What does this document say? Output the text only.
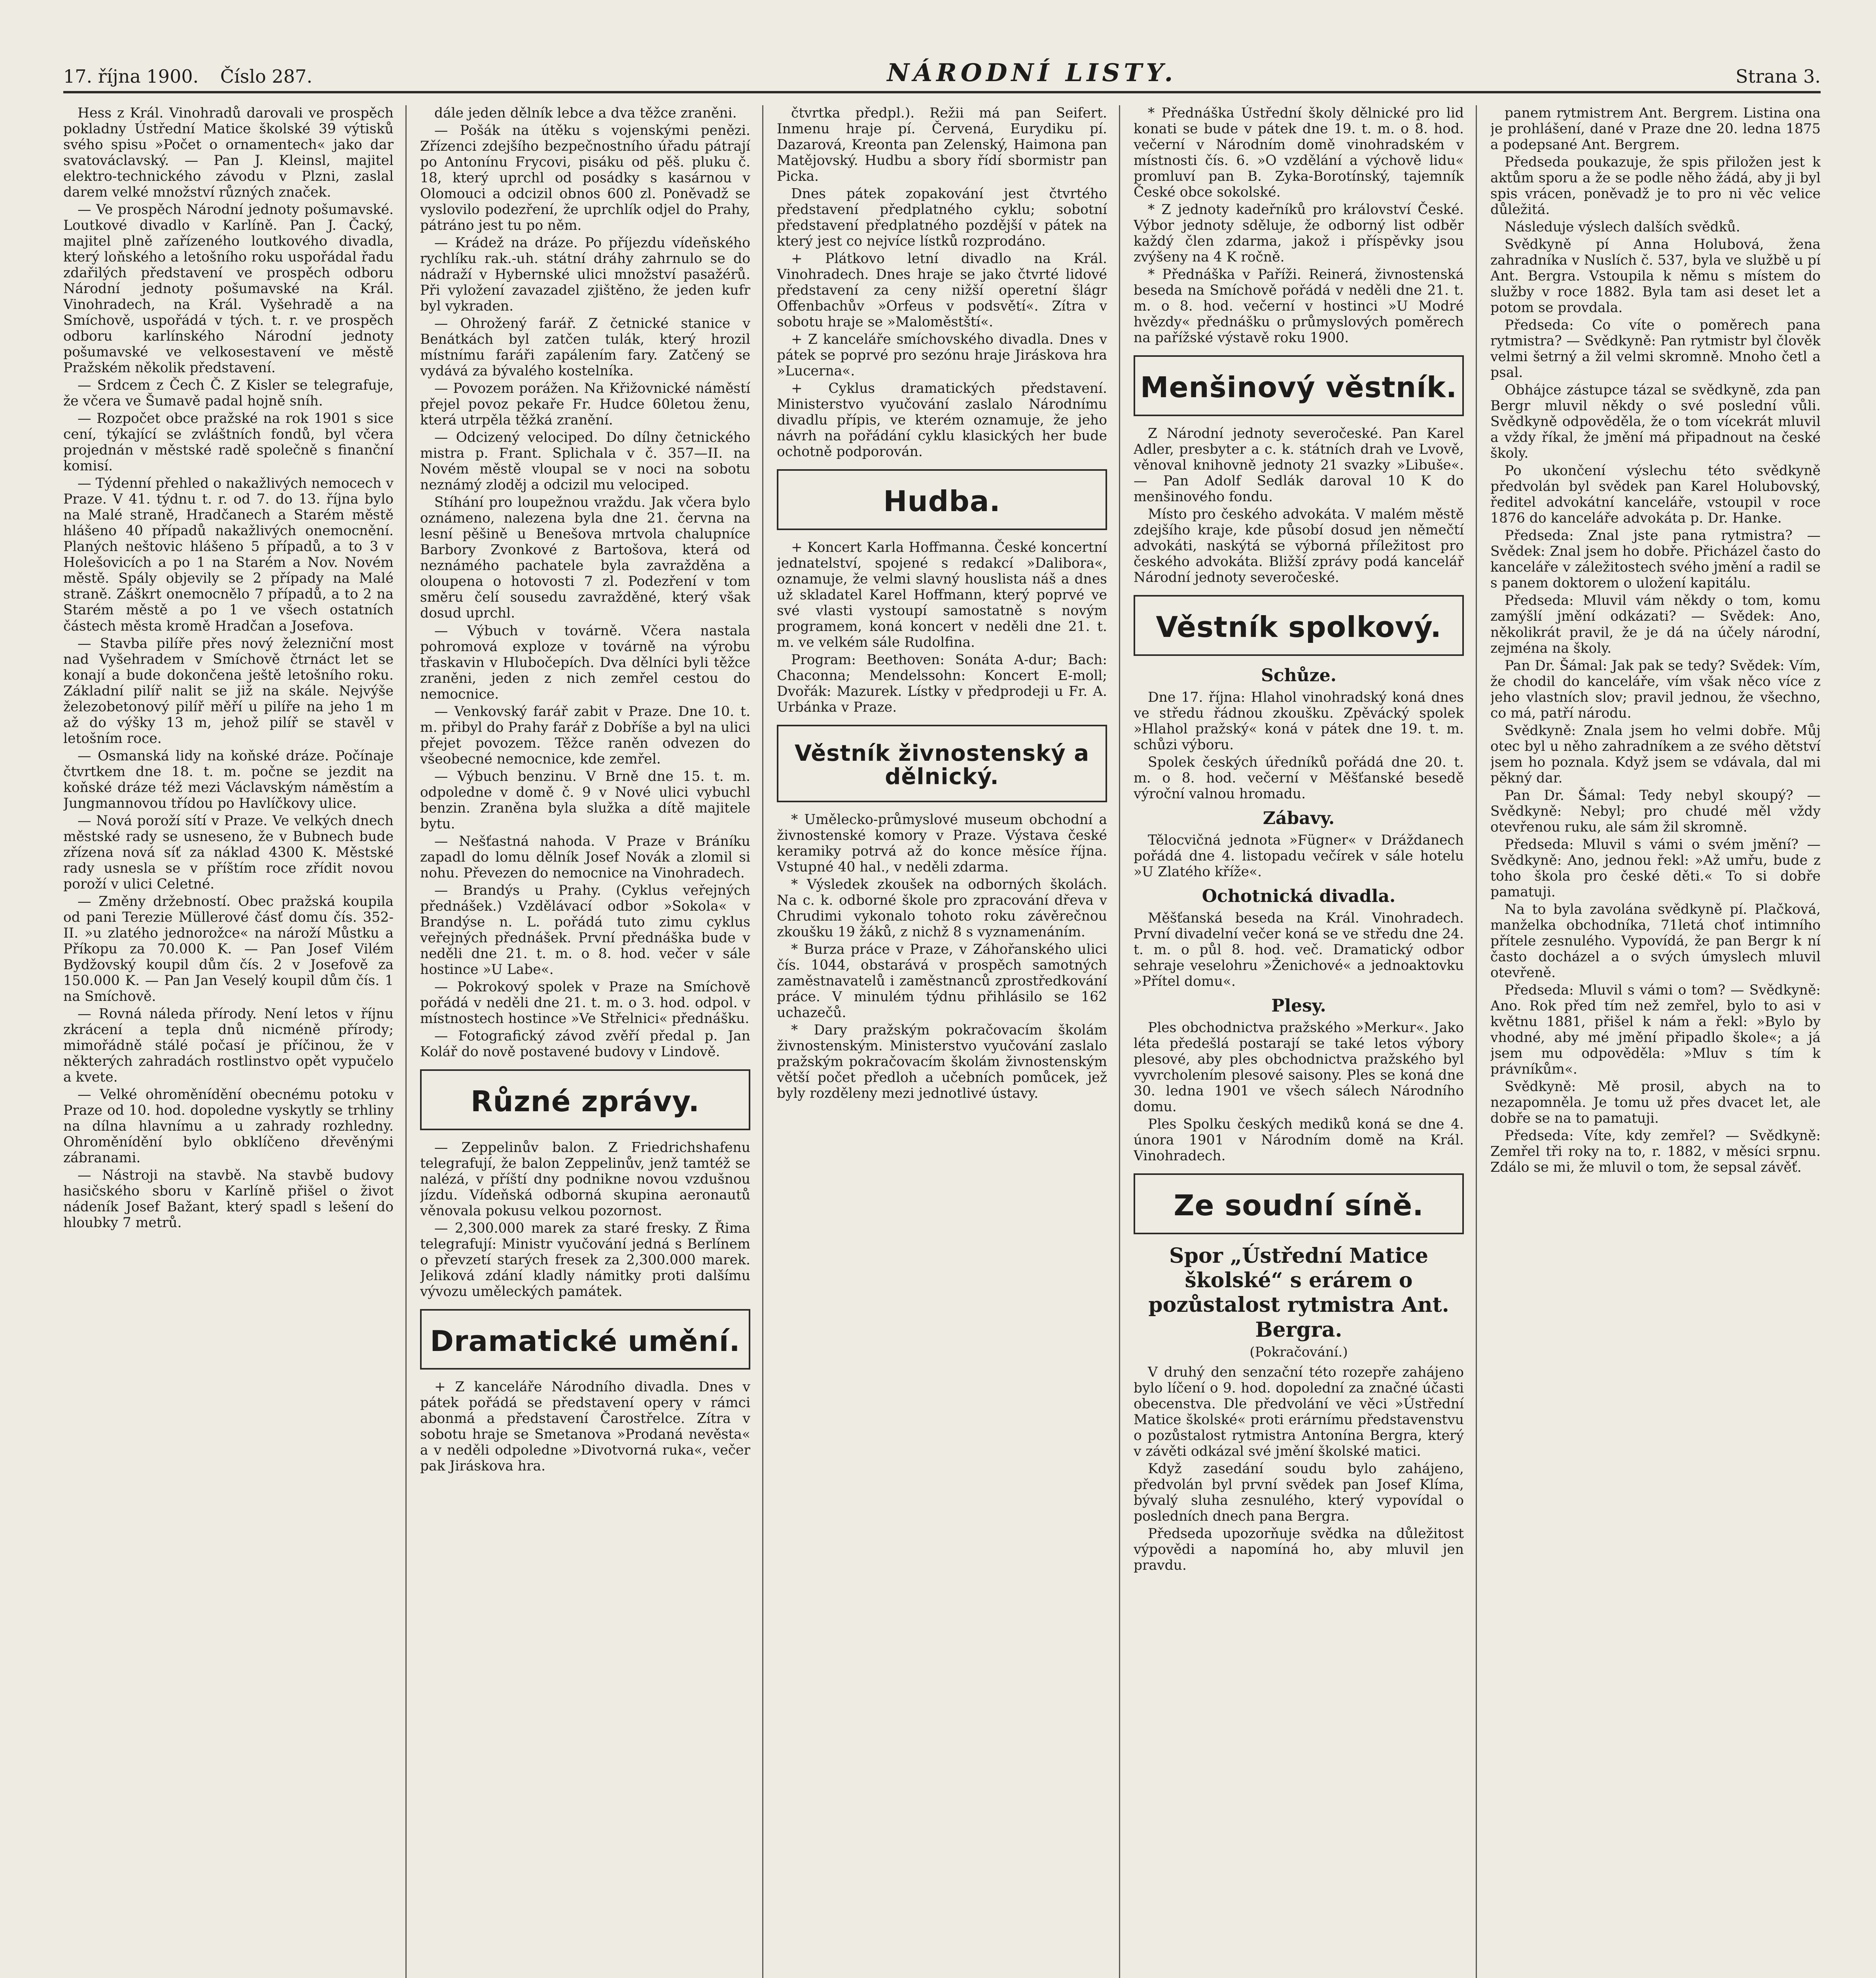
17. října 1900. Číslo 287.	NÁRODNÍ LISTY.	Strana 3.

Hess z Král. Vinohradů darovali ve prospěch pokladny Ústřední Matice školské 39 výtisků svého spisu »Počet o ornamentech« jako dar svatováclavský. — Pan J. Kleinsl, majitel elektro-technického závodu v Plzni, zaslal darem velké množství různých značek.

— Ve prospěch Národní jednoty pošumavské. Loutkové divadlo v Karlíně. Pan J. Čacký, majitel plně zařízeného loutkového divadla, který loňského a letošního roku uspořádal řadu zdařilých představení ve prospěch odboru Národní jednoty pošumavské na Král. Vinohradech, na Král. Vyšehradě a na Smíchově, uspořádá v tých. t. r. ve prospěch odboru karlínského Národní jednoty pošumavské ve velkosestavení ve městě Pražském několik představení.

— Srdcem z Čech Č. Z Kisler se telegrafuje, že včera ve Šumavě padal hojně sníh.

— Rozpočet obce pražské na rok 1901 s sice cení, týkající se zvláštních fondů, byl včera projednán v městské radě společně s finanční komisí.

— Týdenní přehled o nakažlivých nemocech v Praze. V 41. týdnu t. r. od 7. do 13. října bylo na Malé straně, Hradčanech a Starém městě hlášeno 40 případů nakažlivých onemocnění. Planých neštovic hlášeno 5 případů, a to 3 v Holešovicích a po 1 na Starém a Nov. Novém městě. Spály objevily se 2 případy na Malé straně. Záškrt onemocnělo 7 případů, a to 2 na Starém městě a po 1 ve všech ostatních částech města kromě Hradčan a Josefova.

— Stavba pilíře přes nový železniční most nad Vyšehradem v Smíchově čtrnáct let se konají a bude dokončena ještě letošního roku. Základní pilíř nalit se již na skále. Nejvýše železobetonový pilíř měří u pilíře na jeho 1 m až do výšky 13 m, jehož pilíř se stavěl v letošním roce.

— Osmanská lidy na koňské dráze. Počínaje čtvrtkem dne 18. t. m. počne se jezdit na koňské dráze též mezi Václavským náměstím a Jungmannovou třídou po Havlíčkovy ulice.

— Nová poroží sítí v Praze. Ve velkých dnech městské rady se usneseno, že v Bubnech bude zřízena nová síť za náklad 4300 K. Městské rady usnesla se v příštím roce zřídit novou poroží v ulici Celetné.

— Změny držebností. Obec pražská koupila od pani Terezie Müllerové čásť domu čís. 352-II. »u zlatého jednorožce« na nároží Můstku a Příkopu za 70.000 K. — Pan Josef Vilém Bydžovský koupil dům čís. 2 v Josefově za 150.000 K. — Pan Jan Veselý koupil dům čís. 1 na Smíchově.

— Rovná náleda přírody. Není letos v říjnu zkrácení a tepla dnů nicméně přírody; mimořádně stálé počasí je příčinou, že v některých zahradách rostlinstvo opět vypučelo a kvete.

— Velké ohroměnídění obecnému potoku v Praze od 10. hod. dopoledne vyskytly se trhliny na dílna hlavnímu a u zahrady rozhledny. Ohroměnídění bylo obklíčeno dřevěnými zábranami.

— Nástroji na stavbě. Na stavbě budovy hasičského sboru v Karlíně přišel o život nádeník Josef Bažant, který spadl s lešení do hloubky 7 metrů.

dále jeden dělník lebce a dva těžce zraněni.

— Pošák na útěku s vojenskými penězi. Zřízenci zdejšího bezpečnostního úřadu pátrají po Antonínu Frycovi, pisáku od pěš. pluku č. 18, který uprchl od posádky s kasárnou v Olomouci a odcizil obnos 600 zl. Poněvadž se vyslovilo podezření, že uprchlík odjel do Prahy, pátráno jest tu po něm.

— Krádež na dráze. Po příjezdu vídeňského rychlíku rak.-uh. státní dráhy zahrnulo se do nádraží v Hybernské ulici množství pasažérů. Při vyložení zavazadel zjištěno, že jeden kufr byl vykraden.

— Ohrožený farář. Z četnické stanice v Benátkách byl zatčen tulák, který hrozil místnímu faráři zapálením fary. Zatčený se vydává za bývalého kostelníka.

— Povozem porážen. Na Křižovnické náměstí přejel povoz pekaře Fr. Hudce 60letou ženu, která utrpěla těžká zranění.

— Odcizený velociped. Do dílny četnického mistra p. Frant. Splichala v č. 357—II. na Novém městě vloupal se v noci na sobotu neznámý zloděj a odcizil mu velociped.

Stíhání pro loupežnou vraždu. Jak včera bylo oznámeno, nalezena byla dne 21. června na lesní pěšině u Benešova mrtvola chalupníce Barbory Zvonkové z Bartošova, která od neznámého pachatele byla zavražděna a oloupena o hotovosti 7 zl. Podezření v tom směru čelí sousedu zavražděné, který však dosud uprchl.

— Výbuch v továrně. Včera nastala pohromová exploze v továrně na výrobu třaskavin v Hlubočepích. Dva dělníci byli těžce zraněni, jeden z nich zemřel cestou do nemocnice.

— Venkovský farář zabit v Praze. Dne 10. t. m. přibyl do Prahy farář z Dobříše a byl na ulici přejet povozem. Těžce raněn odvezen do všeobecné nemocnice, kde zemřel.

— Výbuch benzinu. V Brně dne 15. t. m. odpoledne v domě č. 9 v Nové ulici vybuchl benzin. Zraněna byla služka a dítě majitele bytu.

— Nešťastná nahoda. V Praze v Bráníku zapadl do lomu dělník Josef Novák a zlomil si nohu. Převezen do nemocnice na Vinohradech.

— Brandýs u Prahy. (Cyklus veřejných přednášek.) Vzdělávací odbor »Sokola« v Brandýse n. L. pořádá tuto zimu cyklus veřejných přednášek. První přednáška bude v neděli dne 21. t. m. o 8. hod. večer v sále hostince »U Labe«.

— Pokrokový spolek v Praze na Smíchově pořádá v neděli dne 21. t. m. o 3. hod. odpol. v místnostech hostince »Ve Střelnici« přednášku.

— Fotografický závod zvěří předal p. Jan Kolář do nově postavené budovy v Lindově.

Různé zprávy.

— Zeppelinův balon. Z Friedrichshafenu telegrafují, že balon Zeppelinův, jenž tamtéž se nalézá, v příští dny podnikne novou vzdušnou jízdu. Vídeňská odborná skupina aeronautů věnovala pokusu velkou pozornost.

— 2,300.000 marek za staré fresky. Z Řima telegrafují: Ministr vyučování jedná s Berlínem o převzetí starých fresek za 2,300.000 marek. Jeliková zdání kladly námitky proti dalšímu vývozu uměleckých památek.

Dramatické umění.

+ Z kanceláře Národního divadla. Dnes v pátek pořádá se představení opery v rámci abonmá a představení Čarostřelce. Zítra v sobotu hraje se Smetanova »Prodaná nevěsta« a v neděli odpoledne »Divotvorná ruka«, večer pak Jiráskova hra.

čtvrtka předpl.). Režii má pan Seifert. Inmenu hraje pí. Červená, Eurydiku pí. Dazarová, Kreonta pan Zelenský, Haimona pan Matějovský. Hudbu a sbory řídí sbormistr pan Picka.

Dnes pátek zopakování jest čtvrtého představení předplatného cyklu; sobotní představení předplatného pozdější v pátek na který jest co nejvíce lístků rozprodáno.

+ Plátkovo letní divadlo na Král. Vinohradech. Dnes hraje se jako čtvrté lidové představení za ceny nižší operetní šlágr Offenbachův »Orfeus v podsvětí«. Zítra v sobotu hraje se »Maloměstští«.

+ Z kanceláře smíchovského divadla. Dnes v pátek se poprvé pro sezónu hraje Jiráskova hra »Lucerna«.

+ Cyklus dramatických představení. Ministerstvo vyučování zaslalo Národnímu divadlu přípis, ve kterém oznamuje, že jeho návrh na pořádání cyklu klasických her bude ochotně podporován.

Hudba.

+ Koncert Karla Hoffmanna. České koncertní jednatelství, spojené s redakcí »Dalibora«, oznamuje, že velmi slavný houslista náš a dnes už skladatel Karel Hoffmann, který poprvé ve své vlasti vystoupí samostatně s novým programem, koná koncert v neděli dne 21. t. m. ve velkém sále Rudolfina.

Program: Beethoven: Sonáta A-dur; Bach: Chaconna; Mendelssohn: Koncert E-moll; Dvořák: Mazurek. Lístky v předprodeji u Fr. A. Urbánka v Praze.

Věstník živnostenský a dělnický.

* Umělecko-průmyslové museum obchodní a živnostenské komory v Praze. Výstava české keramiky potrvá až do konce měsíce října. Vstupné 40 hal., v neděli zdarma.

* Výsledek zkoušek na odborných školách. Na c. k. odborné škole pro zpracování dřeva v Chrudimi vykonalo tohoto roku závěrečnou zkoušku 19 žáků, z nichž 8 s vyznamenáním.

* Burza práce v Praze, v Záhořanského ulici čís. 1044, obstarává v prospěch samotných zaměstnavatelů i zaměstnanců zprostředkování práce. V minulém týdnu přihlásilo se 162 uchazečů.

* Dary pražským pokračovacím školám živnostenským. Ministerstvo vyučování zaslalo pražským pokračovacím školám živnostenským větší počet předloh a učebních pomůcek, jež byly rozděleny mezi jednotlivé ústavy.

* Přednáška Ústřední školy dělnické pro lid konati se bude v pátek dne 19. t. m. o 8. hod. večerní v Národním domě vinohradském v místnosti čís. 6. »O vzdělání a výchově lidu« promluví pan B. Zyka-Borotínský, tajemník České obce sokolské.

* Z jednoty kadeřníků pro království České. Výbor jednoty sděluje, že odborný list odběr každý člen zdarma, jakož i příspěvky jsou zvýšeny na 4 K ročně.

* Přednáška v Paříži. Reinerá, živnostenská beseda na Smíchově pořádá v neděli dne 21. t. m. o 8. hod. večerní v hostinci »U Modré hvězdy« přednášku o průmyslových poměrech na pařížské výstavě roku 1900.

Menšinový věstník.

Z Národní jednoty severočeské. Pan Karel Adler, presbyter a c. k. státních drah ve Lvově, věnoval knihovně jednoty 21 svazky »Libuše«. — Pan Adolf Sedlák daroval 10 K do menšinového fondu.

Místo pro českého advokáta. V malém městě zdejšího kraje, kde působí dosud jen němečtí advokáti, naskýtá se výborná příležitost pro českého advokáta. Bližší zprávy podá kancelář Národní jednoty severočeské.

Věstník spolkový.
Schůze.

Dne 17. října: Hlahol vinohradský koná dnes ve středu řádnou zkoušku. Zpěvácký spolek »Hlahol pražský« koná v pátek dne 19. t. m. schůzi výboru.

Spolek českých úředníků pořádá dne 20. t. m. o 8. hod. večerní v Měšťanské besedě výroční valnou hromadu.

Zábavy.

Tělocvičná jednota »Fügner« v Dráždanech pořádá dne 4. listopadu večírek v sále hotelu »U Zlatého kříže«.

Ochotnická divadla.

Měšťanská beseda na Král. Vinohradech. První divadelní večer koná se ve středu dne 24. t. m. o půl 8. hod. več. Dramatický odbor sehraje veselohru »Ženichové« a jednoaktovku »Přítel domu«.

Plesy.

Ples obchodnictva pražského »Merkur«. Jako léta předešlá postarají se také letos výbory plesové, aby ples obchodnictva pražského byl vyvrcholením plesové saisony. Ples se koná dne 30. ledna 1901 ve všech sálech Národního domu.

Ples Spolku českých mediků koná se dne 4. února 1901 v Národním domě na Král. Vinohradech.

Ze soudní síně.
Spor „Ústřední Matice školské“ s erárem o pozůstalost rytmistra Ant. Bergra.
(Pokračování.)

V druhý den senzační této rozepře zahájeno bylo líčení o 9. hod. dopolední za značné účasti obecenstva. Dle předvolání ve věci »Ústřední Matice školské« proti erárnímu představenstvu o pozůstalost rytmistra Antonína Bergra, který v závěti odkázal své jmění školské matici.

Když zasedání soudu bylo zahájeno, předvolán byl první svědek pan Josef Klíma, bývalý sluha zesnulého, který vypovídal o posledních dnech pana Bergra.

Předseda upozorňuje svědka na důležitost výpovědi a napomíná ho, aby mluvil jen pravdu.

panem rytmistrem Ant. Bergrem. Listina ona je prohlášení, dané v Praze dne 20. ledna 1875 a podepsané Ant. Bergrem.

Předseda poukazuje, že spis přiložen jest k aktům sporu a že se podle něho žádá, aby ji byl spis vrácen, poněvadž je to pro ni věc velice důležitá.

Následuje výslech dalších svědků.

Svědkyně pí Anna Holubová, žena zahradníka v Nuslích č. 537, byla ve službě u pí Ant. Bergra. Vstoupila k němu s místem do služby v roce 1882. Byla tam asi deset let a potom se provdala.

Předseda: Co víte o poměrech pana rytmistra? — Svědkyně: Pan rytmistr byl člověk velmi šetrný a žil velmi skromně. Mnoho četl a psal.

Obhájce zástupce tázal se svědkyně, zda pan Bergr mluvil někdy o své poslední vůli. Svědkyně odpověděla, že o tom vícekrát mluvil a vždy říkal, že jmění má připadnout na české školy.

Po ukončení výslechu této svědkyně předvolán byl svědek pan Karel Holubovský, ředitel advokátní kanceláře, vstoupil v roce 1876 do kanceláře advokáta p. Dr. Hanke.

Předseda: Znal jste pana rytmistra? — Svědek: Znal jsem ho dobře. Přicházel často do kanceláře v záležitostech svého jmění a radil se s panem doktorem o uložení kapitálu.

Předseda: Mluvil vám někdy o tom, komu zamýšlí jmění odkázati? — Svědek: Ano, několikrát pravil, že je dá na účely národní, zejména na školy.

Pan Dr. Šámal: Jak pak se tedy? Svědek: Vím, že chodil do kanceláře, vím však něco více z jeho vlastních slov; pravil jednou, že všechno, co má, patří národu.

Svědkyně: Znala jsem ho velmi dobře. Můj otec byl u něho zahradníkem a ze svého dětství jsem ho poznala. Když jsem se vdávala, dal mi pěkný dar.

Pan Dr. Šámal: Tedy nebyl skoupý? — Svědkyně: Nebyl; pro chudé měl vždy otevřenou ruku, ale sám žil skromně.

Předseda: Mluvil s vámi o svém jmění? — Svědkyně: Ano, jednou řekl: »Až umřu, bude z toho škola pro české děti.« To si dobře pamatuji.

Na to byla zavolána svědkyně pí. Plačková, manželka obchodníka, 71letá choť intimního přítele zesnulého. Vypovídá, že pan Bergr k ní často docházel a o svých úmyslech mluvil otevřeně.

Předseda: Mluvil s vámi o tom? — Svědkyně: Ano. Rok před tím než zemřel, bylo to asi v květnu 1881, přišel k nám a řekl: »Bylo by vhodné, aby mé jmění připadlo škole«; a já jsem mu odpověděla: »Mluv s tím k právníkům«.

Svědkyně: Mě prosil, abych na to nezapomněla. Je tomu už přes dvacet let, ale dobře se na to pamatuji.

Předseda: Víte, kdy zemřel? — Svědkyně: Zemřel tři roky na to, r. 1882, v měsíci srpnu. Zdálo se mi, že mluvil o tom, že sepsal závěť.
